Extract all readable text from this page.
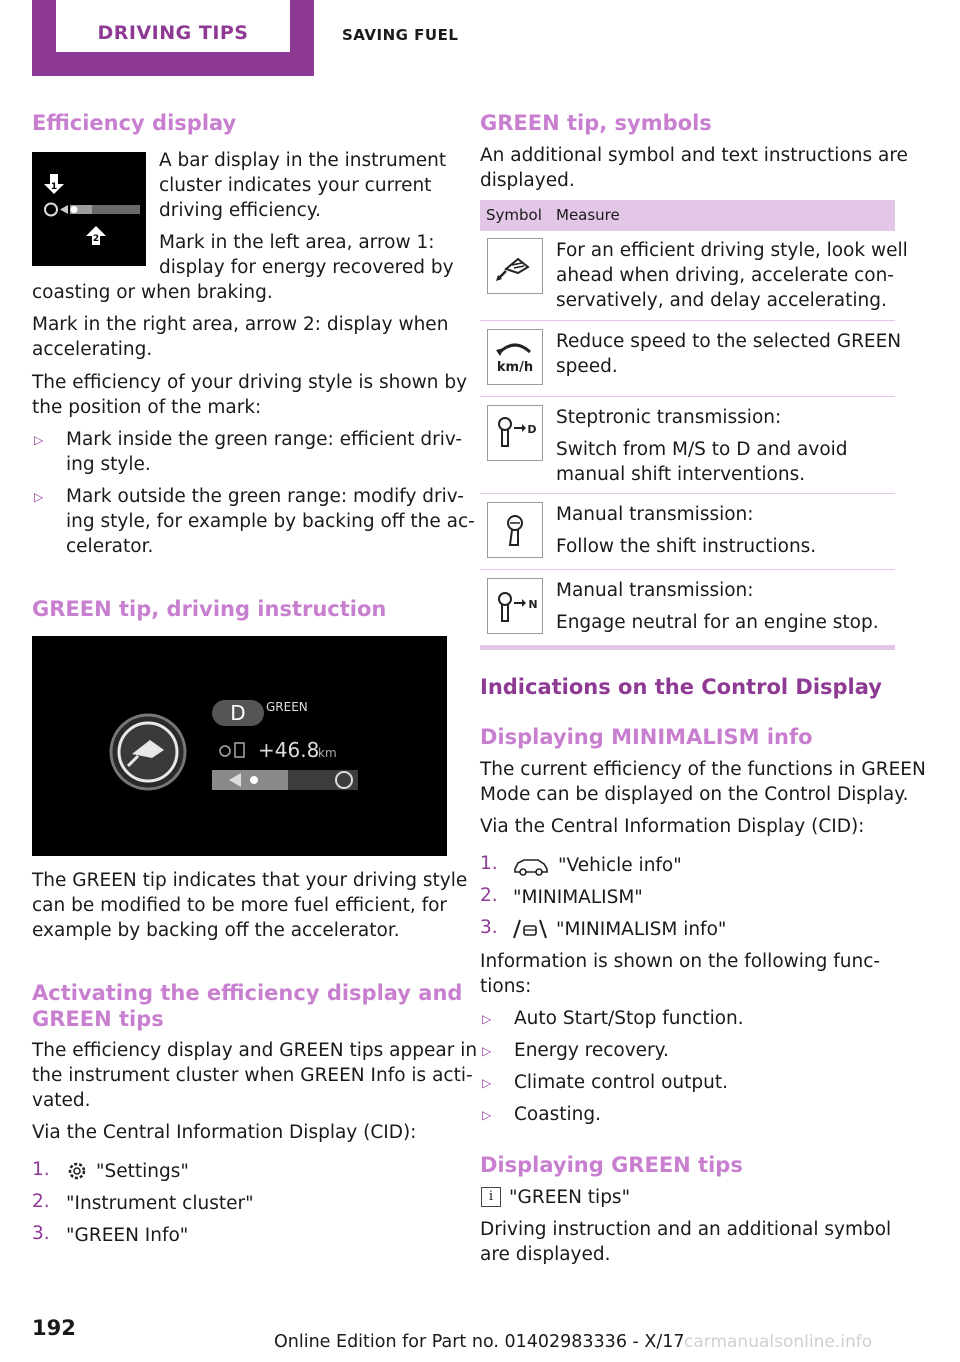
DRIVING TIPS	SAVING FUEL
Efficiency display
1
2
A bar display in the instrument
cluster indicates your current
driving efficiency.
Mark in the left area, arrow 1:
display for energy recovered by
coasting or when braking.
Mark in the right area, arrow 2: display when
accelerating.
The efficiency of your driving style is shown by
the position of the mark:
▷ Mark inside the green range: efficient driv-
ing style.
▷ Mark outside the green range: modify driv-
ing style, for example by backing off the ac-
celerator.
GREEN tip, driving instruction
D GREEN
+46.8
km
The GREEN tip indicates that your driving style
can be modified to be more fuel efficient, for
example by backing off the accelerator.
Activating the efficiency display and
GREEN tips
The efficiency display and GREEN tips appear in
the instrument cluster when GREEN Info is acti-
vated.
Via the Central Information Display (CID):
1.	"Settings"
2. "Instrument cluster"
3. "GREEN Info"
GREEN tip, symbols
An additional symbol and text instructions are
displayed.
Symbol Measure
For an efficient driving style, look well
ahead when driving, accelerate con-
servatively, and delay accelerating.
km/h
Reduce speed to the selected GREEN
speed.
D
Steptronic transmission:
Switch from M/S to D and avoid
manual shift interventions.
Manual transmission:
Follow the shift instructions.
N
Manual transmission:
Engage neutral for an engine stop.
Indications on the Control Display
Displaying MINIMALISM info
The current efficiency of the functions in GREEN
Mode can be displayed on the Control Display.
Via the Central Information Display (CID):
1.	"Vehicle info"
2. "MINIMALISM"
3.	"MINIMALISM info"
Information is shown on the following func-
tions:
▷ Auto Start/Stop function.
▷ Energy recovery.
▷ Climate control output.
▷ Coasting.
Displaying GREEN tips
i "GREEN tips"
Driving instruction and an additional symbol
are displayed.
192
Online Edition for Part no. 01402983336 - X/17 carmanualsonline.info
